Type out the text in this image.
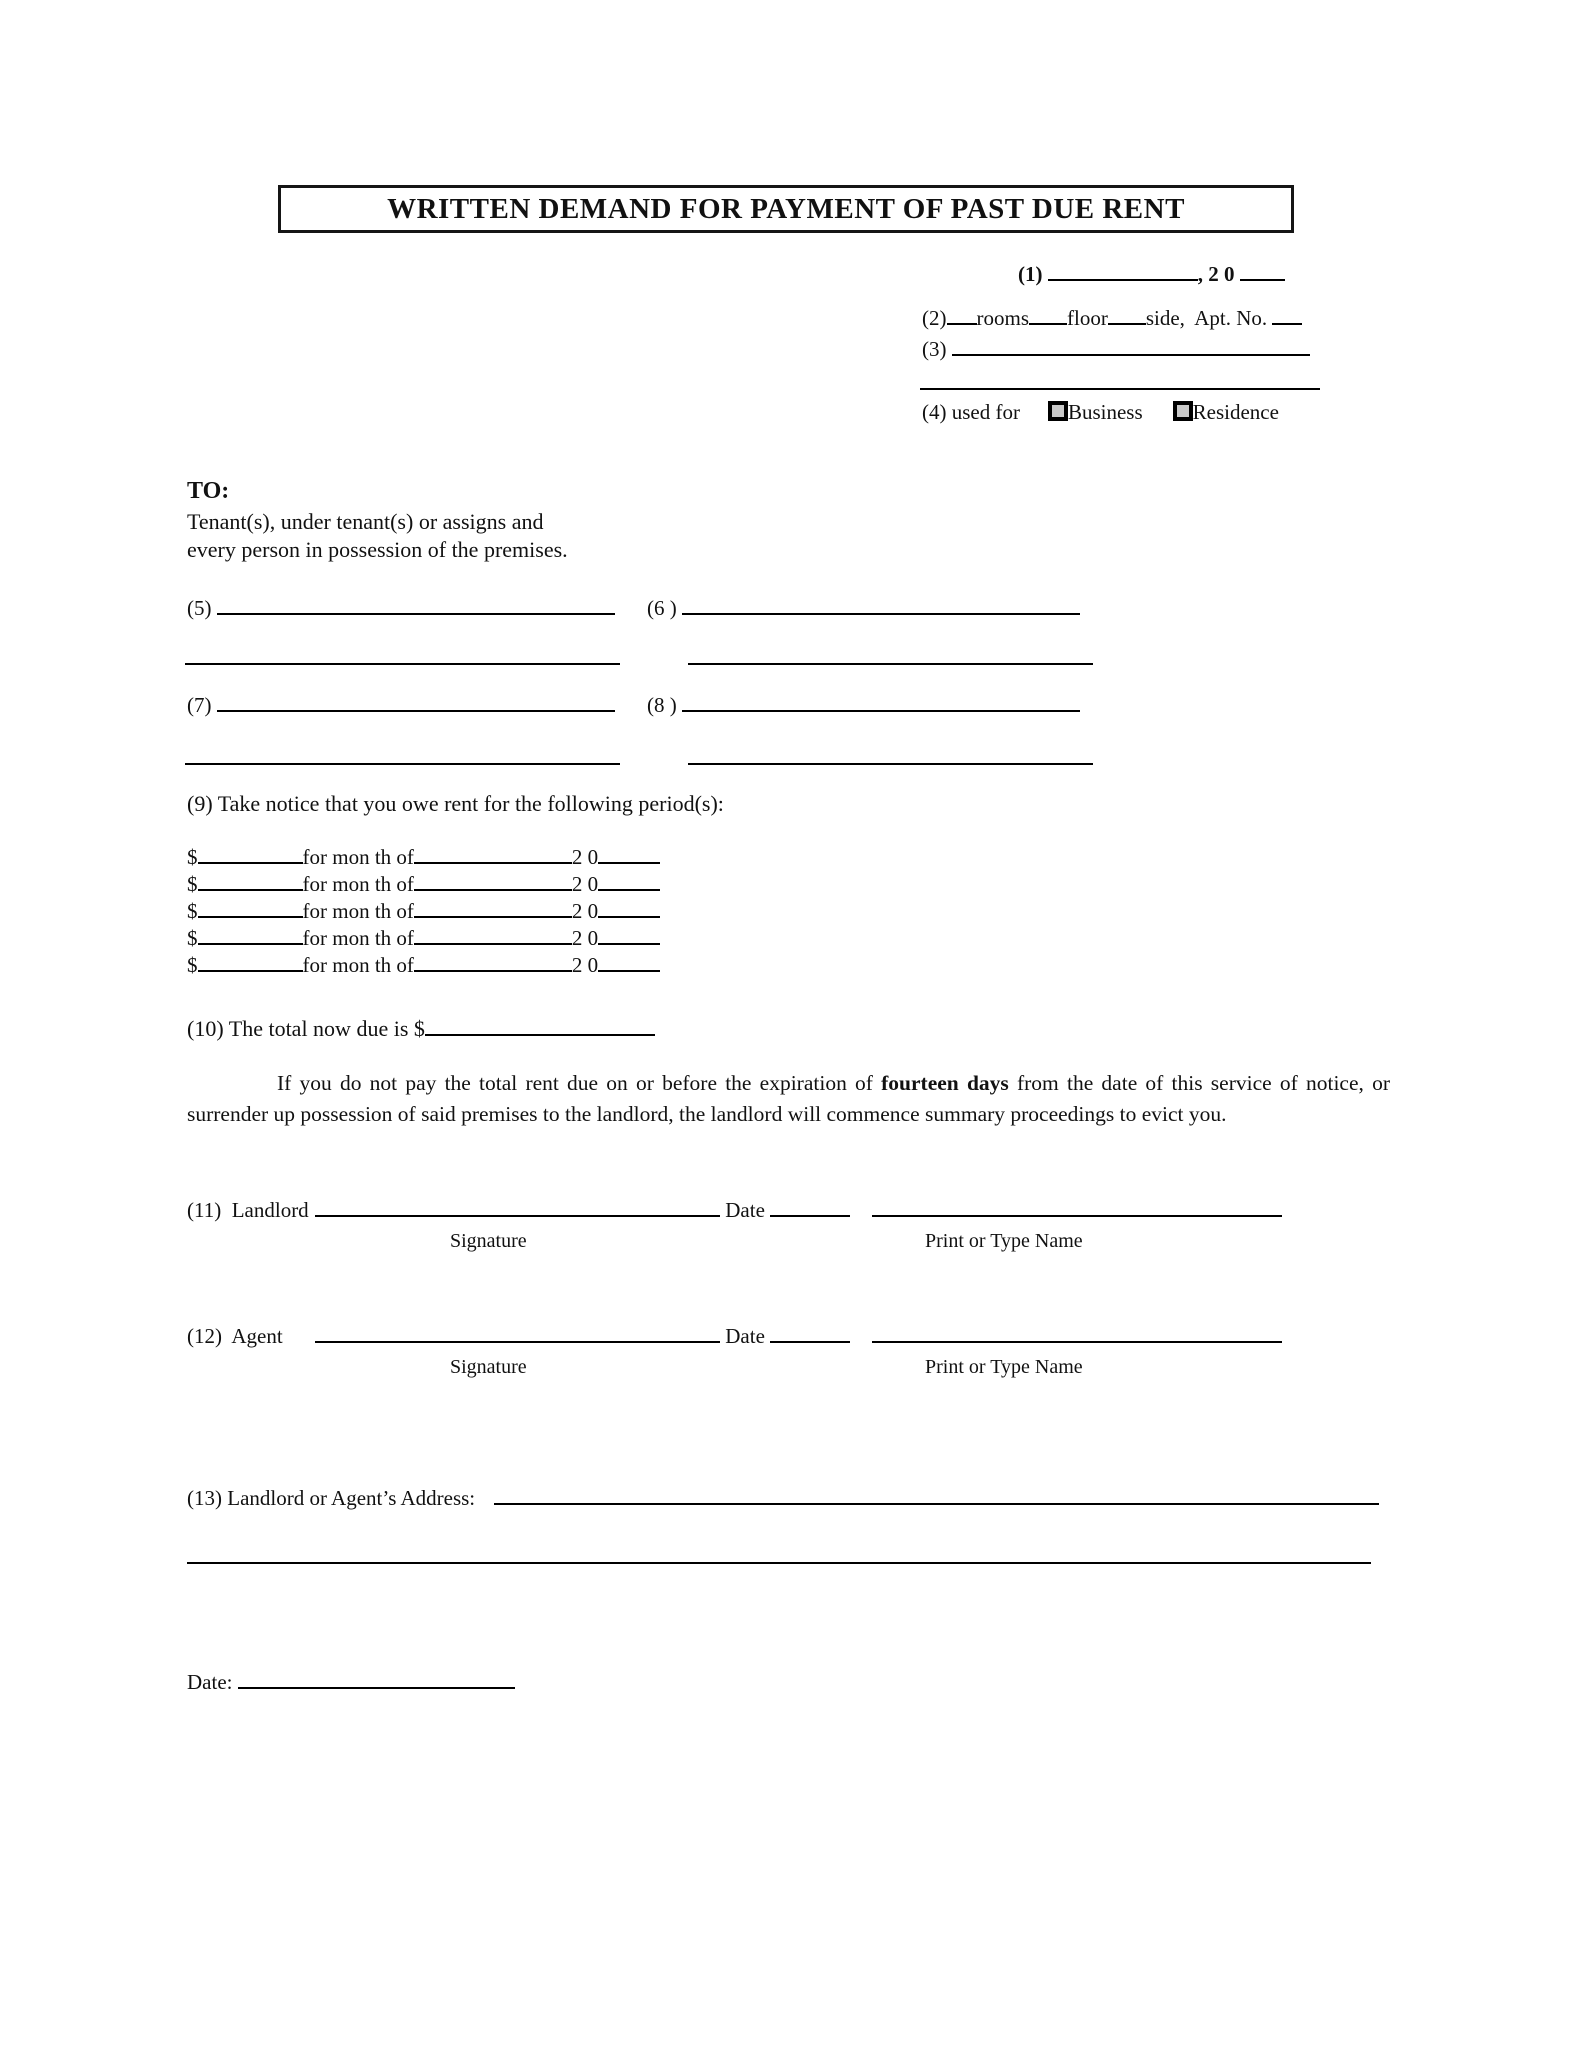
WRITTEN DEMAND FOR PAYMENT OF PAST DUE RENT
(1)	, 2 0
(2) rooms floor side,  Apt. No.
(3)
(4) used for Business Residence
TO:
Tenant(s), under tenant(s) or assigns and
every person in possession of the premises.
(5)	(6 )
(7)	(8 )
(9) Take notice that you owe rent for the following period(s):
$	for mon th of	2 0
$	for mon th of	2 0
$	for mon th of	2 0
$	for mon th of	2 0
$	for mon th of	2 0
(10) The total now due is $
If you do not pay the total rent due on or before the expiration of fourteen days from the date of this service of notice, or surrender up possession of said premises to the landlord, the landlord will commence summary proceedings to evict you.
(11)  Landlord	Date
Signature	Print or Type Name
(12)  Agent	Date
Signature	Print or Type Name
(13) Landlord or Agent’s Address:
Date:
